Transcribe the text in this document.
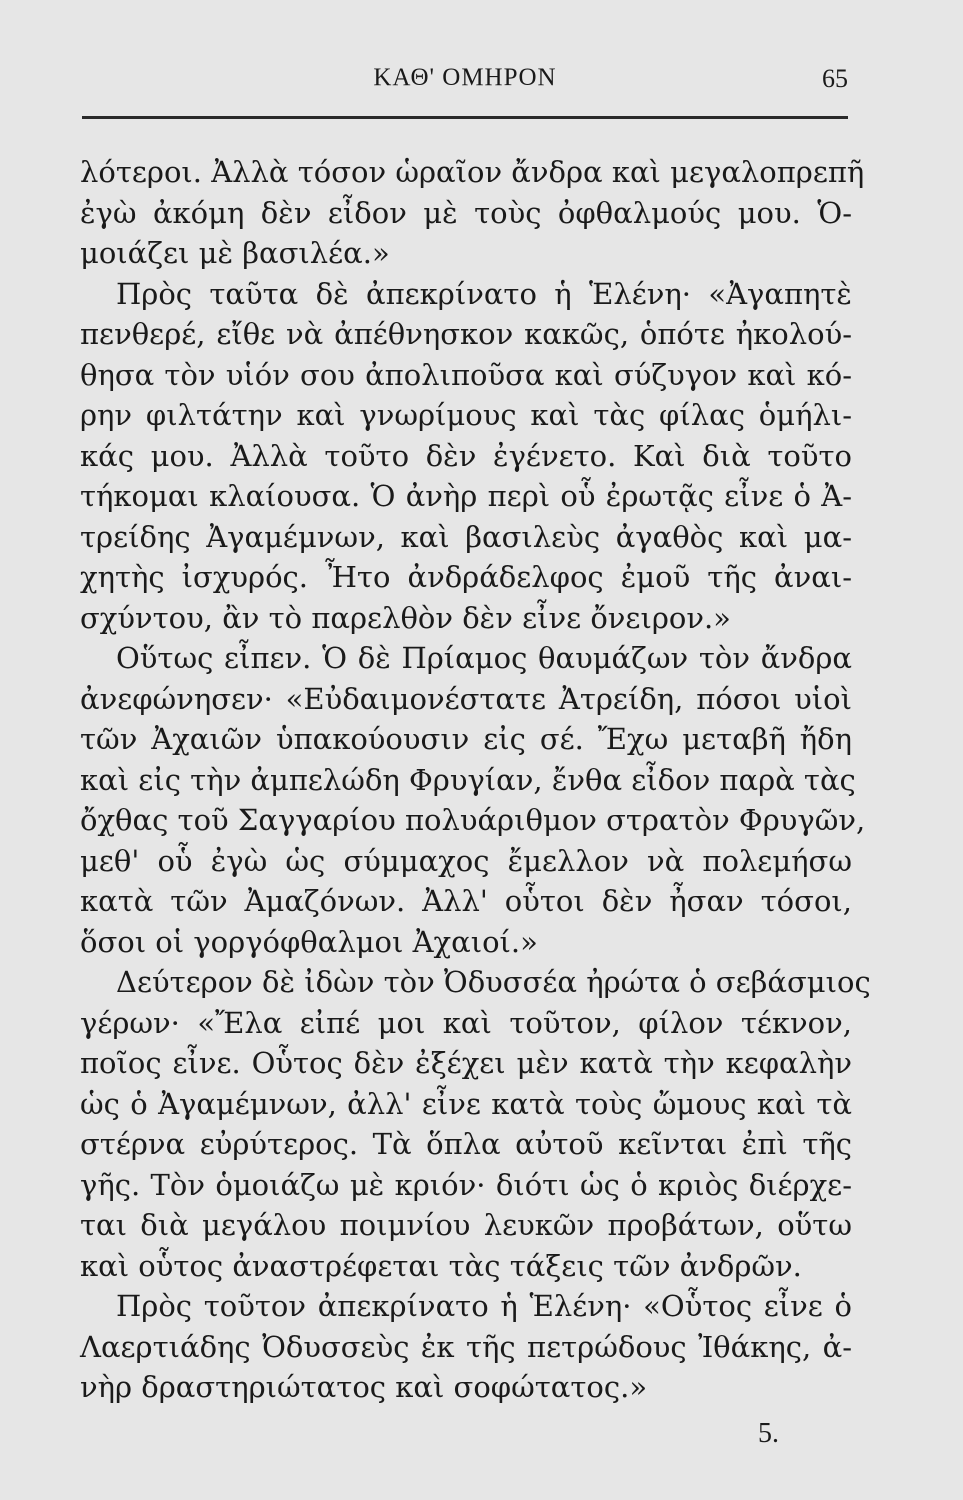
ΚΑΘ' ΟΜΗΡΟΝ	65
λότεροι. Ἀλλὰ τόσον ὡραῖον ἄνδρα καὶ μεγαλοπρεπῆ
ἐγὼ ἀκόμη δὲν εἶδον μὲ τοὺς ὀφθαλμούς μου. Ὁ-
μοιάζει μὲ βασιλέα.»
Πρὸς ταῦτα δὲ ἀπεκρίνατο ἡ Ἑλένη· «Ἀγαπητὲ
πενθερέ, εἴθε νὰ ἀπέθνησκον κακῶς, ὁπότε ἠκολού-
θησα τὸν υἱόν σου ἀπολιποῦσα καὶ σύζυγον καὶ κό-
ρην φιλτάτην καὶ γνωρίμους καὶ τὰς φίλας ὁμήλι-
κάς μου. Ἀλλὰ τοῦτο δὲν ἐγένετο. Καὶ διὰ τοῦτο
τήκομαι κλαίουσα. Ὁ ἀνὴρ περὶ οὗ ἐρωτᾷς εἶνε ὁ Ἀ-
τρείδης Ἀγαμέμνων, καὶ βασιλεὺς ἀγαθὸς καὶ μα-
χητὴς ἰσχυρός. Ἦτο ἀνδράδελφος ἐμοῦ τῆς ἀναι-
σχύντου, ἂν τὸ παρελθὸν δὲν εἶνε ὄνειρον.»
Οὕτως εἶπεν. Ὁ δὲ Πρίαμος θαυμάζων τὸν ἄνδρα
ἀνεφώνησεν· «Εὐδαιμονέστατε Ἀτρείδη, πόσοι υἱοὶ
τῶν Ἀχαιῶν ὑπακούουσιν εἰς σέ. Ἔχω μεταβῆ ἤδη
καὶ εἰς τὴν ἀμπελώδη Φρυγίαν, ἔνθα εἶδον παρὰ τὰς
ὄχθας τοῦ Σαγγαρίου πολυάριθμον στρατὸν Φρυγῶν,
μεθ' οὗ ἐγὼ ὡς σύμμαχος ἔμελλον νὰ πολεμήσω
κατὰ τῶν Ἀμαζόνων. Ἀλλ' οὗτοι δὲν ἦσαν τόσοι,
ὅσοι οἱ γοργόφθαλμοι Ἀχαιοί.»
Δεύτερον δὲ ἰδὼν τὸν Ὀδυσσέα ἠρώτα ὁ σεβάσμιος
γέρων· «Ἔλα εἰπέ μοι καὶ τοῦτον, φίλον τέκνον,
ποῖος εἶνε. Οὗτος δὲν ἐξέχει μὲν κατὰ τὴν κεφαλὴν
ὡς ὁ Ἀγαμέμνων, ἀλλ' εἶνε κατὰ τοὺς ὤμους καὶ τὰ
στέρνα εὐρύτερος. Τὰ ὅπλα αὐτοῦ κεῖνται ἐπὶ τῆς
γῆς. Τὸν ὁμοιάζω μὲ κριόν· διότι ὡς ὁ κριὸς διέρχε-
ται διὰ μεγάλου ποιμνίου λευκῶν προβάτων, οὕτω
καὶ οὗτος ἀναστρέφεται τὰς τάξεις τῶν ἀνδρῶν.
Πρὸς τοῦτον ἀπεκρίνατο ἡ Ἑλένη· «Οὗτος εἶνε ὁ
Λαερτιάδης Ὀδυσσεὺς ἐκ τῆς πετρώδους Ἰθάκης, ἀ-
νὴρ δραστηριώτατος καὶ σοφώτατος.»
5.
